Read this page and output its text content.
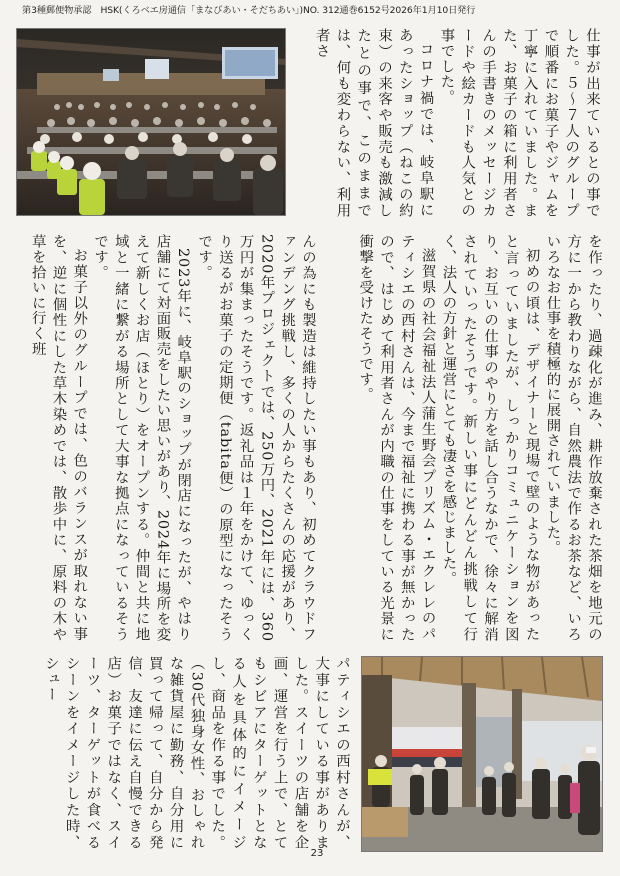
第3種郵便物承認　HSK(くろベエ房通信「まなびあい・そだちあい」)NO. 312通巻6152号2026年1月10日発行

仕事が出来ているとの事でした。５～７人のグループで順番にお菓子やジャムを丁寧に入れていました。また、お菓子の箱に利用者さんの手書きのメッセージカードや絵カードも人気との事でした。

コロナ禍では、岐阜駅にあったショップ（ねこの約束）の来客や販売も激減したとの事で、このままでは、何も変わらない、利用者さ

んの為にも製造は維持したい事もあり、初めてクラウドファンデング挑戦し、多くの人からたくさんの応援があり、2020年プロジェクトでは、250万円、2021年には、360万円が集まったそうです。返礼品は１年をかけて、ゆっくり送るがお菓子の定期便（tabita便）の原型になったそうです。

2023年に、岐阜駅のショップが閉店になったが、やはり店舗にて対面販売をしたい思いがあり、2024年に場所を変えて新しくお店（ほとり）をオープンする。仲間と共に地域と一緒に繋がる場所として大事な拠点になっているそうです。

お菓子以外のグループでは、色のバランスが取れない事を、逆に個性にした草木染めでは、散歩中に、原料の木や草を拾いに行く班	を作ったり、過疎化が進み、耕作放棄された茶畑を地元の方に一から教わりながら、自然農法で作るお茶など、いろいろなお仕事を積極的に展開されていました。

初めの頃は、デザイナーと現場で壁のような物があったと言っていましたが、しっかりコミュニケーションを図り、お互いの仕事のやり方を話し合うなかで、徐々に解消されていったそうです。新しい事にどんどん挑戦して行く、法人の方針と運営にとても凄さを感じました。

滋賀県の社会福祉法人蒲生野会プリズム・エクレレのパティシエの西村さんは、今まで福祉に携わる事が無かったので、はじめて利用者さんが内職の仕事をしている光景に衝撃を受けたそうです。

パティシエの西村さんが、大事にしている事がありました。スイーツの店舗を企画、運営を行う上で、とてもシビアにターゲットとなる人を具体的にイメージし、商品を作る事でした。（30代独身女性、おしゃれな雑貨屋に勤務、自分用に買って帰って、自分から発信、友達に伝え自慢できる店）お菓子ではなく、スイーツ、ターゲットが食べるシーンをイメージした時、シュー

23
